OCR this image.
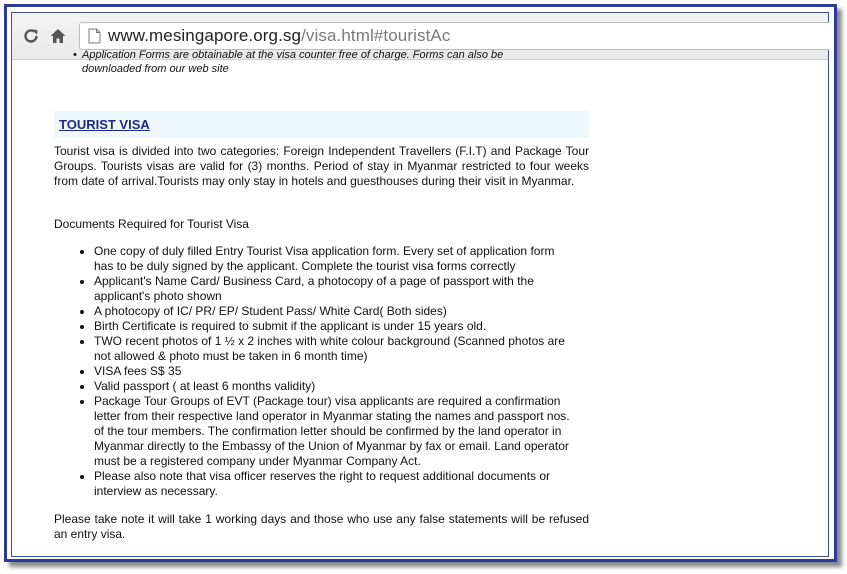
www.mesingapore.org.sg/visa.html#touristAc
• Application Forms are obtainable at the visa counter free of charge. Forms can also be downloaded from our web site
TOURIST VISA
Tourist visa is divided into two categories: Foreign Independent Travellers (F.I.T) and Package Tour Groups. Tourists visas are valid for (3) months. Period of stay in Myanmar restricted to four weeks from date of arrival.Tourists may only stay in hotels and guesthouses during their visit in Myanmar.
Documents Required for Tourist Visa
• One copy of duly filled Entry Tourist Visa application form. Every set of application form has to be duly signed by the applicant. Complete the tourist visa forms correctly
• Applicant's Name Card/ Business Card, a photocopy of a page of passport with the applicant's photo shown
• A photocopy of IC/ PR/ EP/ Student Pass/ White Card( Both sides)
• Birth Certificate is required to submit if the applicant is under 15 years old.
• TWO recent photos of 1 ½ x 2 inches with white colour background (Scanned photos are not allowed & photo must be taken in 6 month time)
• VISA fees S$ 35
• Valid passport ( at least 6 months validity)
• Package Tour Groups of EVT (Package tour) visa applicants are required a confirmation letter from their respective land operator in Myanmar stating the names and passport nos. of the tour members. The confirmation letter should be confirmed by the land operator in Myanmar directly to the Embassy of the Union of Myanmar by fax or email. Land operator must be a registered company under Myanmar Company Act.
• Please also note that visa officer reserves the right to request additional documents or interview as necessary.
Please take note it will take 1 working days and those who use any false statements will be refused an entry visa.
